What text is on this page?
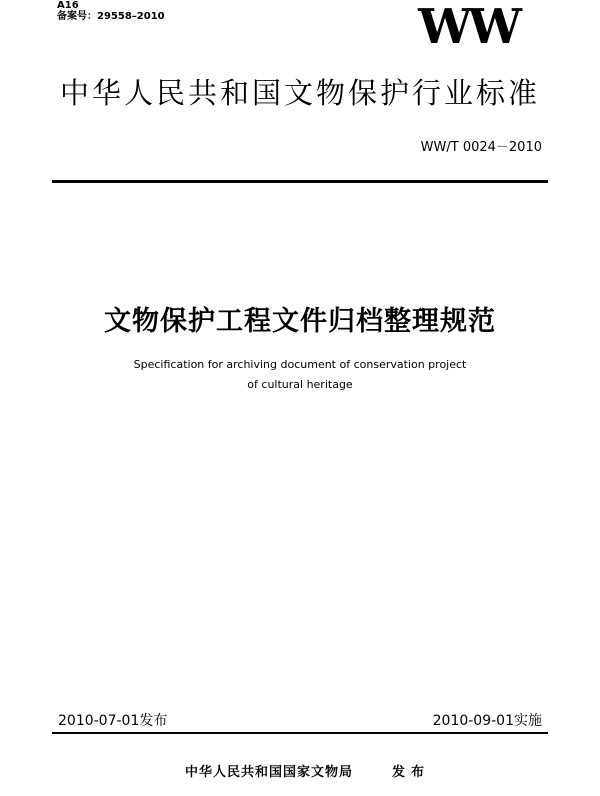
A16
备案号：29558–2010	WW
中华人民共和国文物保护行业标准
WW/T 0024－2010
文物保护工程文件归档整理规范
Specification for archiving document of conservation project
of cultural heritage
2010-07-01发布	2010-09-01实施
中华人民共和国国家文物局	发布
